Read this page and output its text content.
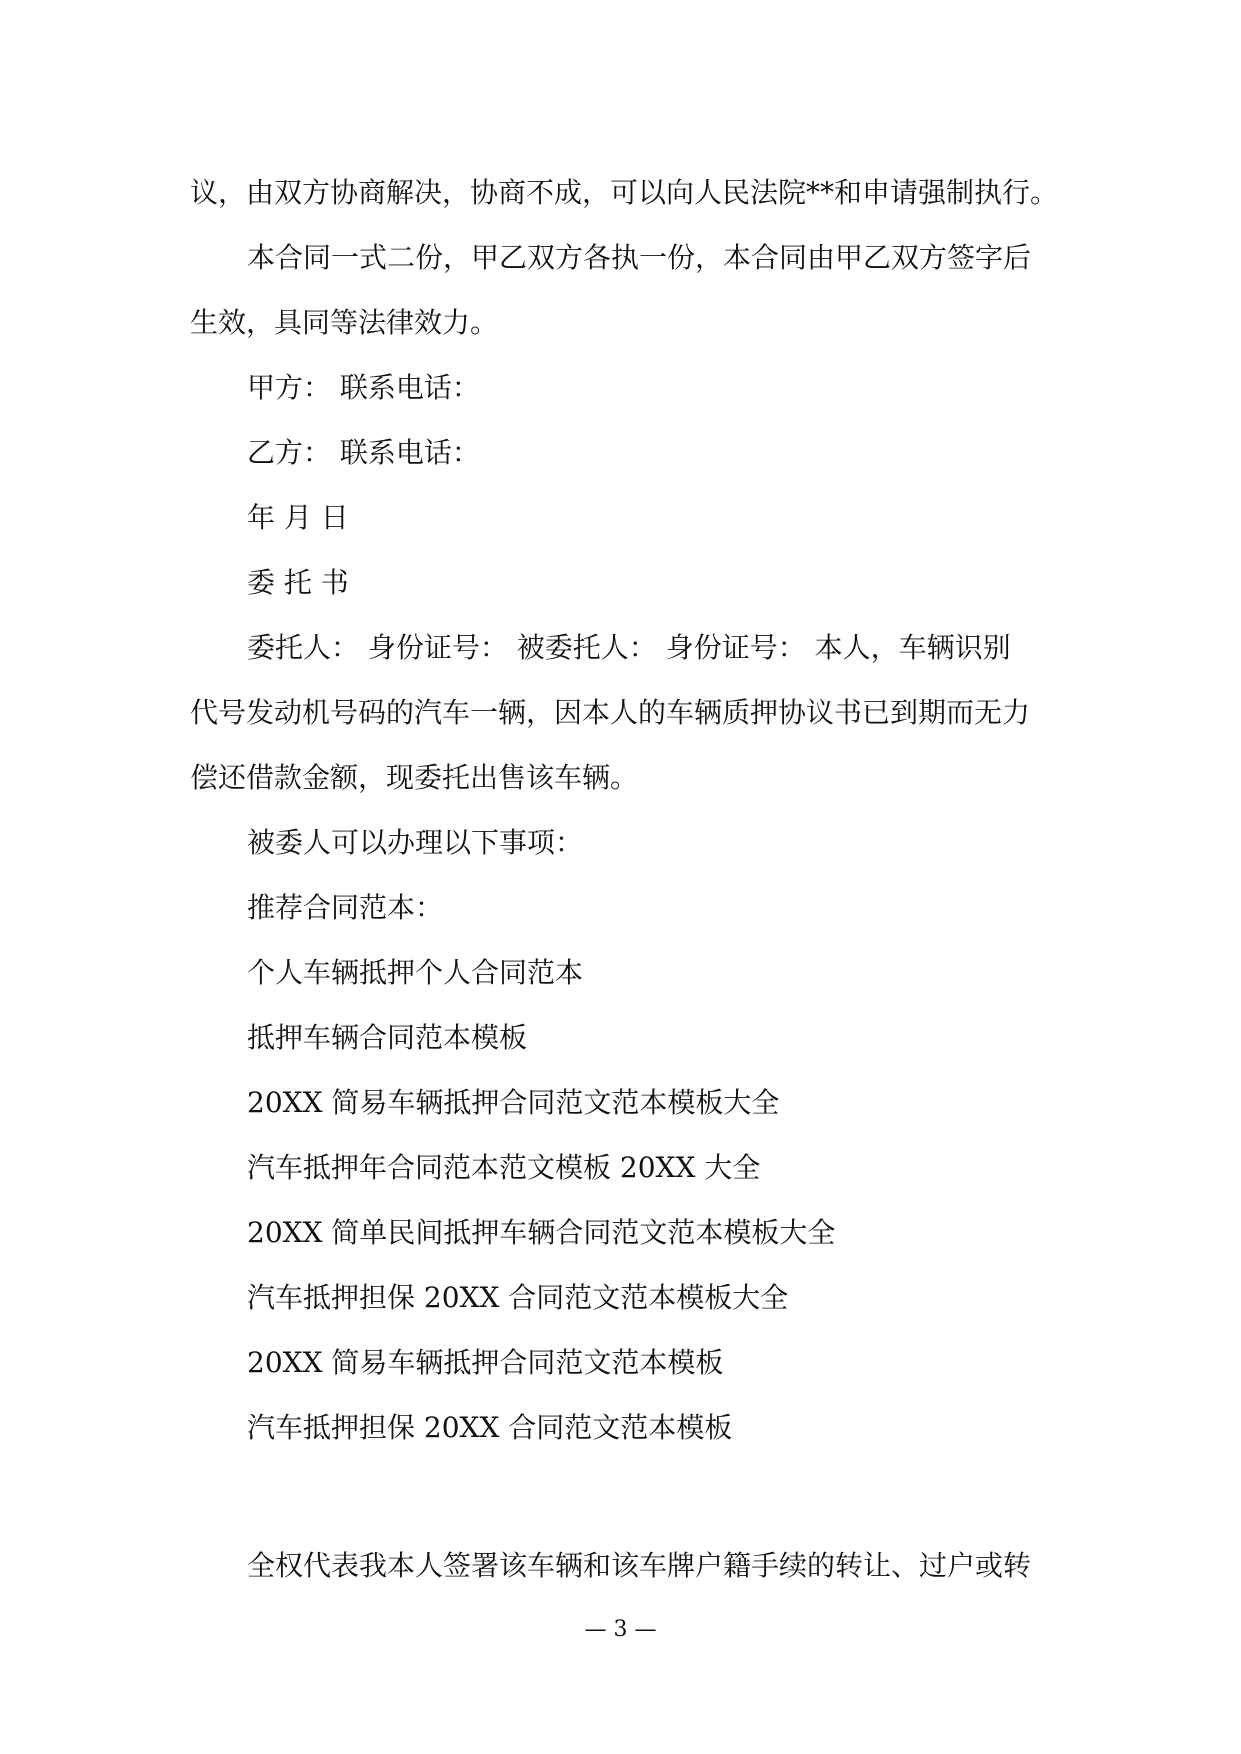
议，由双方协商解决，协商不成，可以向人民法院**和申请强制执行。

本合同一式二份，甲乙双方各执一份，本合同由甲乙双方签字后

生效，具同等法律效力。

甲方： 联系电话：

乙方： 联系电话：

年 月 日

委 托 书

委托人： 身份证号： 被委托人： 身份证号： 本人，车辆识别

代号发动机号码的汽车一辆，因本人的车辆质押协议书已到期而无力

偿还借款金额，现委托出售该车辆。

被委人可以办理以下事项：

推荐合同范本：

个人车辆抵押个人合同范本

抵押车辆合同范本模板

20XX 简易车辆抵押合同范文范本模板大全

汽车抵押年合同范本范文模板 20XX 大全

20XX 简单民间抵押车辆合同范文范本模板大全

汽车抵押担保 20XX 合同范文范本模板大全

20XX 简易车辆抵押合同范文范本模板

汽车抵押担保 20XX 合同范文范本模板

全权代表我本人签署该车辆和该车牌户籍手续的转让、过户或转

— 3 —
